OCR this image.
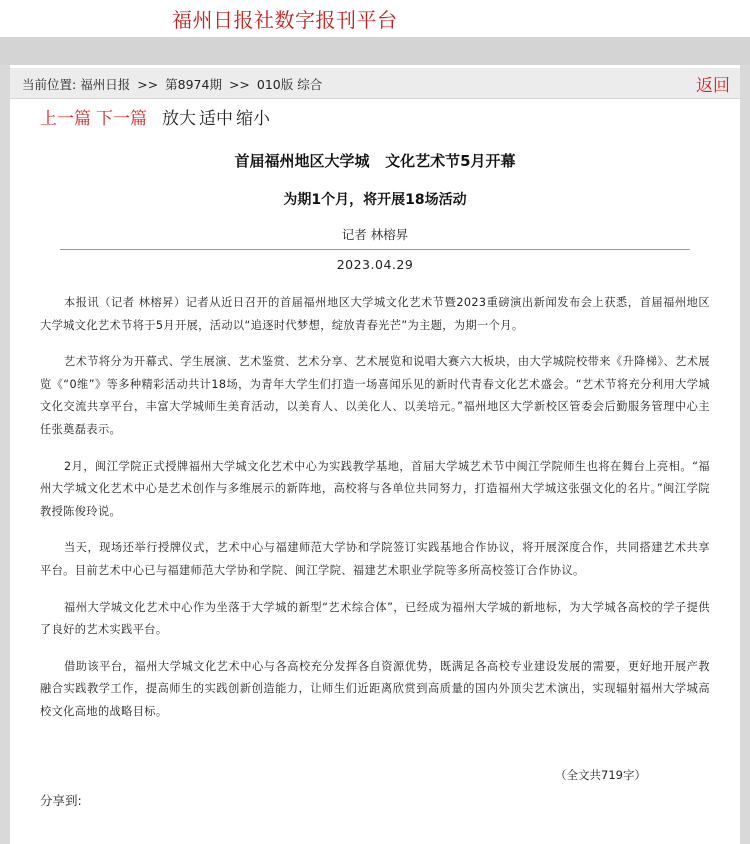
福州日报社数字报刊平台
当前位置: 福州日报 >> 第8974期 >> 010版 综合	返回
上一篇 下一篇 放大 适中 缩小
首届福州地区大学城   文化艺术节5月开幕
为期1个月，将开展18场活动
记者 林榕昇
2023.04.29

本报讯（记者 林榕昇）记者从近日召开的首届福州地区大学城文化艺术节暨2023重磅演出新闻发布会上获悉，首届福州地区大学城文化艺术节将于5月开展，活动以“追逐时代梦想，绽放青春光芒”为主题，为期一个月。

艺术节将分为开幕式、学生展演、艺术鉴赏、艺术分享、艺术展览和说唱大赛六大板块，由大学城院校带来《升降梯》、艺术展览《“0维”》等多种精彩活动共计18场，为青年大学生们打造一场喜闻乐见的新时代青春文化艺术盛会。“艺术节将充分利用大学城文化交流共享平台，丰富大学城师生美育活动，以美育人、以美化人、以美培元。”福州地区大学新校区管委会后勤服务管理中心主任张奠磊表示。

2月，闽江学院正式授牌福州大学城文化艺术中心为实践教学基地，首届大学城艺术节中闽江学院师生也将在舞台上亮相。“福州大学城文化艺术中心是艺术创作与多维展示的新阵地，高校将与各单位共同努力，打造福州大学城这张强文化的名片。”闽江学院教授陈俊玲说。

当天，现场还举行授牌仪式，艺术中心与福建师范大学协和学院签订实践基地合作协议，将开展深度合作，共同搭建艺术共享平台。目前艺术中心已与福建师范大学协和学院、闽江学院、福建艺术职业学院等多所高校签订合作协议。

福州大学城文化艺术中心作为坐落于大学城的新型“艺术综合体”，已经成为福州大学城的新地标，为大学城各高校的学子提供了良好的艺术实践平台。

借助该平台，福州大学城文化艺术中心与各高校充分发挥各自资源优势，既满足各高校专业建设发展的需要，更好地开展产教融合实践教学工作，提高师生的实践创新创造能力，让师生们近距离欣赏到高质量的国内外顶尖艺术演出，实现辐射福州大学城高校文化高地的战略目标。

（全文共719字）
分享到:
